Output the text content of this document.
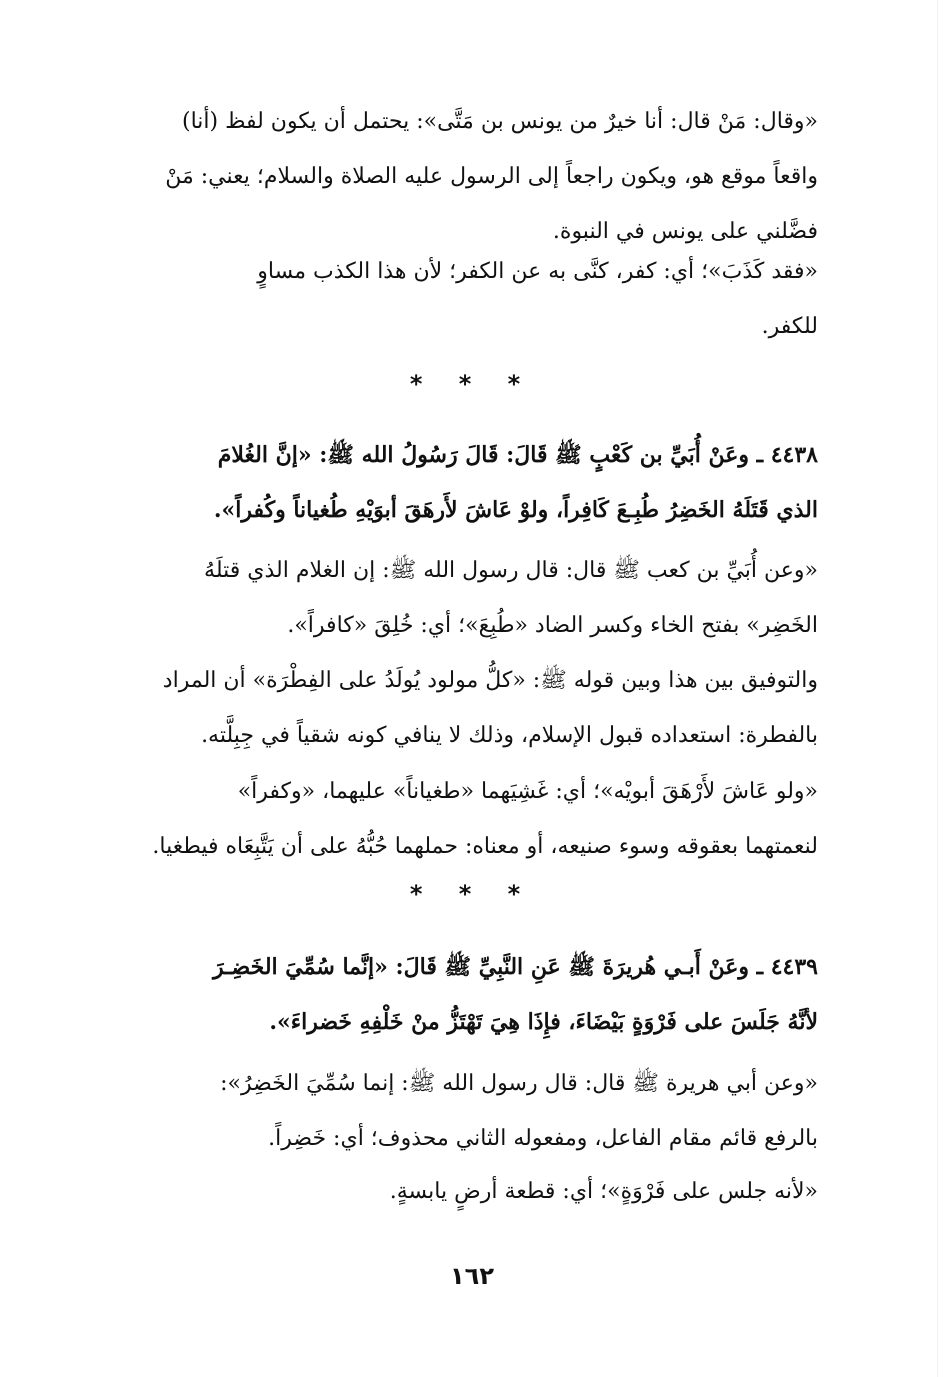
«وقال: مَنْ قال: أنا خيرٌ من يونس بن مَتَّى»: يحتمل أن يكون لفظ (أنا)
واقعاً موقع هو، ويكون راجعاً إلى الرسول عليه الصلاة والسلام؛ يعني: مَنْ
فضَّلني على يونس في النبوة.
«فقد كَذَبَ»؛ أي: كفر، كنَّى به عن الكفر؛ لأن هذا الكذب مساوٍ
للكفر.
* * *
٤٤٣٨ ـ وعَنْ أُبَيِّ بن كَعْبٍ ﷺ قَالَ: قَالَ رَسُولُ الله ﷺ: «إنَّ الغُلامَ
الذي قَتَلَهُ الخَضِرُ طُبِـعَ كَافِراً، ولوْ عَاشَ لأَرهَقَ أبوَيْهِ طُغياناً وكُفراً».
«وعن أُبَيِّ بن كعب ﷺ قال: قال رسول الله ﷺ: إن الغلام الذي قتلَهُ
الخَضِر» بفتح الخاء وكسر الضاد «طُبِعَ»؛ أي: خُلِقَ «كافراً».
والتوفيق بين هذا وبين قوله ﷺ: «كلُّ مولود يُولَدُ على الفِطْرَة» أن المراد
بالفطرة: استعداده قبول الإسلام، وذلك لا ينافي كونه شقياً في جِبِلَّته.
«ولو عَاشَ لأَرْهَقَ أبويْه»؛ أي: غَشِيَهما «طغياناً» عليهما، «وكفراً»
لنعمتهما بعقوقه وسوء صنيعه، أو معناه: حملهما حُبُّهُ على أن يَتَّبِعَاه فيطغيا.
* * *
٤٤٣٩ ـ وعَنْ أَبـي هُريرَةَ ﷺ عَنِ النَّبِيِّ ﷺ قَالَ: «إنَّما سُمِّيَ الخَضِـرَ
لأنَّهُ جَلَسَ على فَرْوَةٍ بَيْضَاءَ، فإِذَا هِيَ تَهْتَزُّ منْ خَلْفِهِ خَضراءَ».
«وعن أبي هريرة ﷺ قال: قال رسول الله ﷺ: إنما سُمِّيَ الخَضِرُ»:
بالرفع قائم مقام الفاعل، ومفعوله الثاني محذوف؛ أي: خَضِراً.
«لأنه جلس على فَرْوَةٍ»؛ أي: قطعة أرضٍ يابسةٍ.
١٦٢
